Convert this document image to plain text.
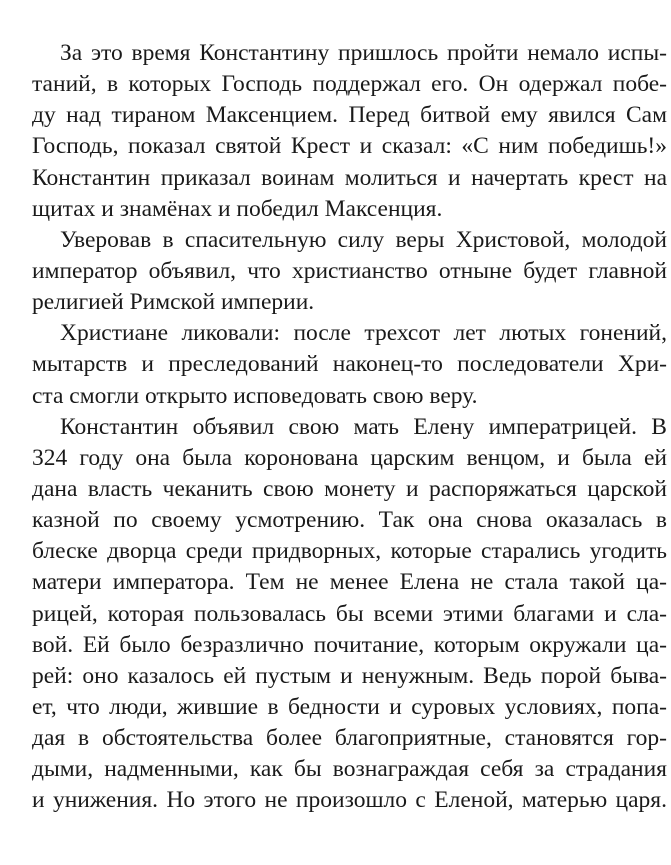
За это время Константину пришлось пройти немало испы-
таний, в которых Господь поддержал его. Он одержал побе-
ду над тираном Максенцием. Перед битвой ему явился Сам
Господь, показал святой Крест и сказал: «С ним победишь!»
Константин приказал воинам молиться и начертать крест на
щитах и знамёнах и победил Максенция.
Уверовав в спасительную силу веры Христовой, молодой
император объявил, что христианство отныне будет главной
религией Римской империи.
Христиане ликовали: после трехсот лет лютых гонений,
мытарств и преследований наконец-то последователи Хри-
ста смогли открыто исповедовать свою веру.
Константин объявил свою мать Елену императрицей. В
324 году она была коронована царским венцом, и была ей
дана власть чеканить свою монету и распоряжаться царской
казной по своему усмотрению. Так она снова оказалась в
блеске дворца среди придворных, которые старались угодить
матери императора. Тем не менее Елена не стала такой ца-
рицей, которая пользовалась бы всеми этими благами и сла-
вой. Ей было безразлично почитание, которым окружали ца-
рей: оно казалось ей пустым и ненужным. Ведь порой быва-
ет, что люди, жившие в бедности и суровых условиях, попа-
дая в обстоятельства более благоприятные, становятся гор-
дыми, надменными, как бы вознаграждая себя за страдания
и унижения. Но этого не произошло с Еленой, матерью царя.
